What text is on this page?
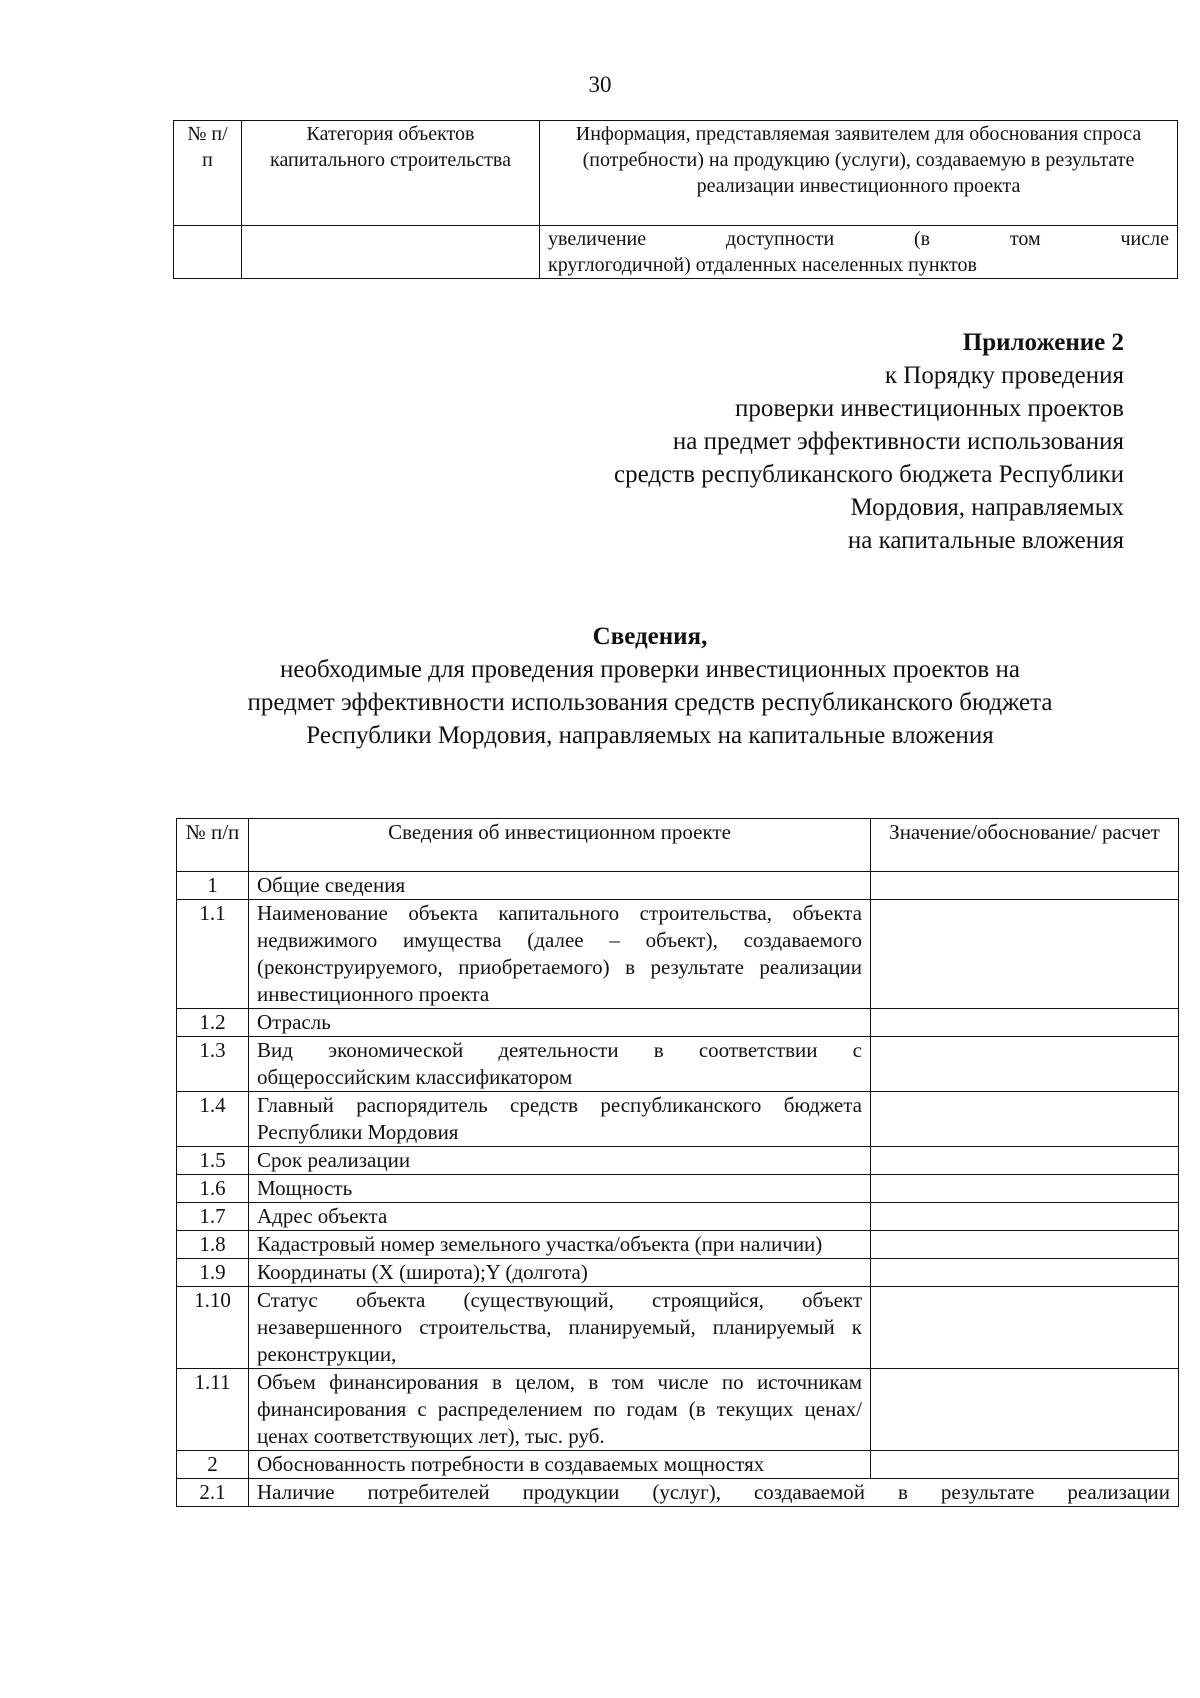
30
№ п/п	Категория объектов капитального строительства	Информация, представляемая заявителем для обоснования спроса (потребности) на продукцию (услуги), создаваемую в результате реализации инвестиционного проекта

		увеличение доступности (в том числе
круглогодичной) отдаленных населенных пунктов
Приложение 2
к Порядку проведения
проверки инвестиционных проектов
на предмет эффективности использования
средств республиканского бюджета Республики
Мордовия, направляемых
на капитальные вложения
Сведения,
необходимые для проведения проверки инвестиционных проектов на
предмет эффективности использования средств республиканского бюджета
Республики Мордовия, направляемых на капитальные вложения
№ п/п	Сведения об инвестиционном проекте	Значение/обоснование/ расчет
1	Общие сведения	
1.1	Наименование объекта капитального строительства, объекта недвижимого имущества (далее – объект), создаваемого (реконструируемого, приобретаемого) в результате реализации инвестиционного проекта	
1.2	Отрасль	
1.3	Вид экономической деятельности в соответствии с общероссийским классификатором	
1.4	Главный распорядитель средств республиканского бюджета Республики Мордовия	
1.5	Срок реализации	
1.6	Мощность	
1.7	Адрес объекта	
1.8	Кадастровый номер земельного участка/объекта (при наличии)	
1.9	Координаты (X (широта);Y (долгота)	
1.10	Статус объекта (существующий, строящийся, объект незавершенного строительства, планируемый, планируемый к реконструкции,	
1.11	Объем финансирования в целом, в том числе по источникам финансирования с распределением по годам (в текущих ценах/ценах соответствующих лет), тыс. руб.	
2	Обоснованность потребности в создаваемых мощностях	
2.1	Наличие потребителей продукции (услуг), создаваемой в результате реализации	
